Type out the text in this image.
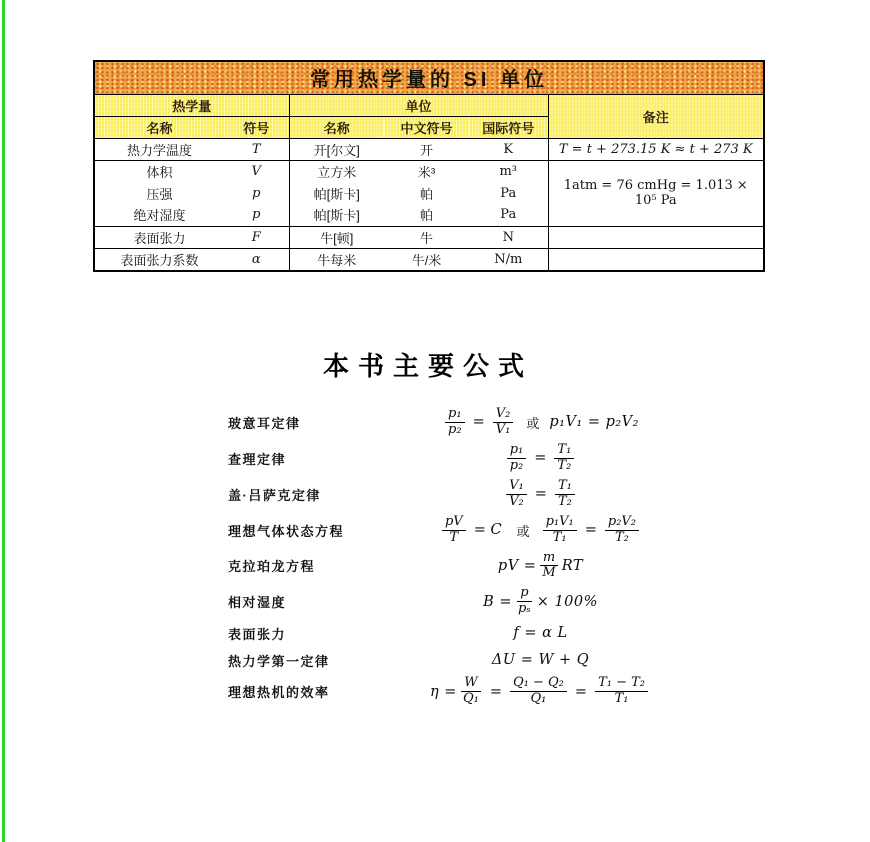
常用热学量的 SI 单位					
热学量		单位			备注
名称	符号	名称	中文符号	国际符号	
热力学温度	T	开[尔文]	开	K	T = t + 273.15 K ≈ t + 273 K
体积	V	立方米	米³	m³	1atm = 76 cmHg = 1.013 × 10⁵ Pa
压强	p	帕[斯卡]	帕	Pa	
绝对湿度	p	帕[斯卡]	帕	Pa	
表面张力	F	牛[顿]	牛	N	
表面张力系数	α	牛每米	牛/米	N/m	
本书主要公式
玻意耳定律	$\frac{\text{p₁}}{\text{p₂}} = \frac{\text{V₂}}{\text{V₁}}$ 或 p₁V₁ = p₂V₂
查理定律	$\frac{\text{p₁}}{\text{p₂}} = \frac{\text{T₁}}{\text{T₂}}$
盖·吕萨克定律	$\frac{\text{V₁}}{\text{V₂}} = \frac{\text{T₁}}{\text{T₂}}$
理想气体状态方程	$\frac{pV}{T} = C$ 或 $\frac{\text{p₁V₁}}{\text{T₁}} = \frac{\text{p₂V₂}}{\text{T₂}}$
克拉珀龙方程	pV = $\frac{m}{M}$ RT
相对湿度	$B = \frac{p}{\text{pₛ}} \times 100\%$
表面张力	f = α L
热力学第一定律	ΔU = W + Q
理想热机的效率	$\eta = \frac{W}{\text{Q₁}} = \frac{\text{Q₁ − Q₂}}{\text{Q₁}} = \frac{\text{T₁ − T₂}}{\text{T₁}}$
